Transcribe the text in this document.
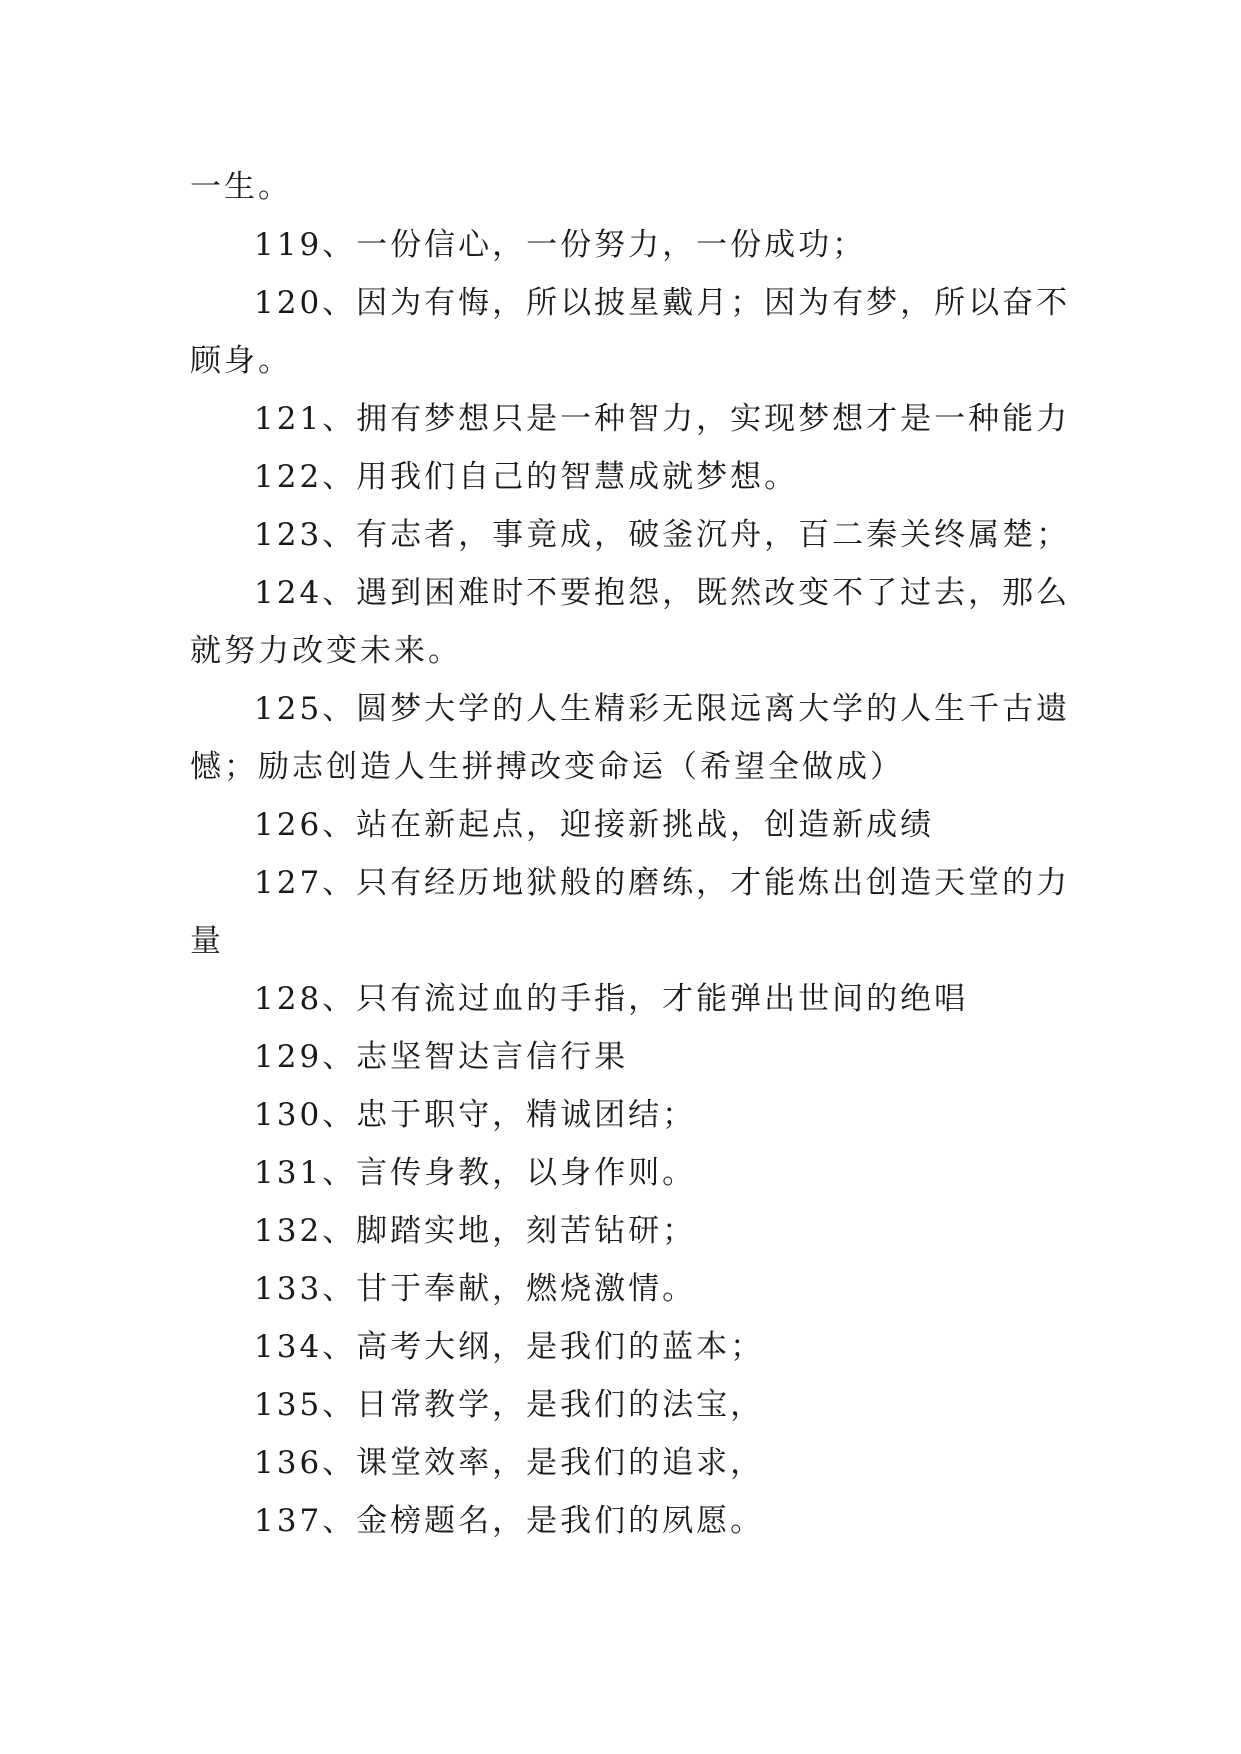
一生。
119、一份信心，一份努力，一份成功；
120、因为有悔，所以披星戴月；因为有梦，所以奋不
顾身。
121、拥有梦想只是一种智力，实现梦想才是一种能力
122、用我们自己的智慧成就梦想。
123、有志者，事竟成，破釜沉舟，百二秦关终属楚；
124、遇到困难时不要抱怨，既然改变不了过去，那么
就努力改变未来。
125、圆梦大学的人生精彩无限远离大学的人生千古遗
憾；励志创造人生拼搏改变命运（希望全做成）
126、站在新起点，迎接新挑战，创造新成绩
127、只有经历地狱般的磨练，才能炼出创造天堂的力
量
128、只有流过血的手指，才能弹出世间的绝唱
129、志坚智达言信行果
130、忠于职守，精诚团结；
131、言传身教，以身作则。
132、脚踏实地，刻苦钻研；
133、甘于奉献，燃烧激情。
134、高考大纲，是我们的蓝本；
135、日常教学，是我们的法宝，
136、课堂效率，是我们的追求，
137、金榜题名，是我们的夙愿。
